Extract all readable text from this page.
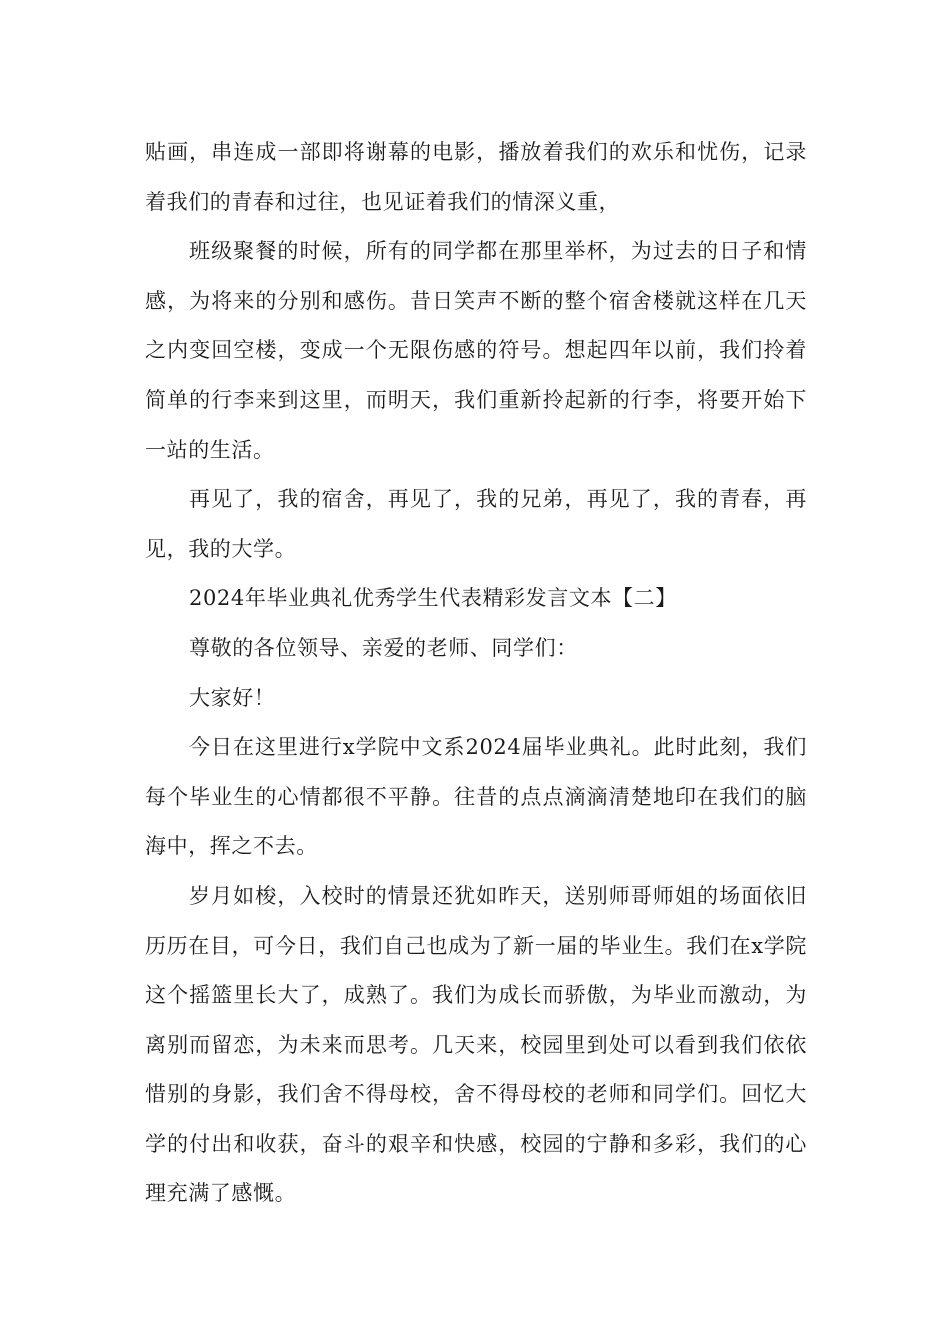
贴画，串连成一部即将谢幕的电影，播放着我们的欢乐和忧伤，记录着我们的青春和过往，也见证着我们的情深义重，

班级聚餐的时候，所有的同学都在那里举杯，为过去的日子和情感，为将来的分别和感伤。昔日笑声不断的整个宿舍楼就这样在几天之内变回空楼，变成一个无限伤感的符号。想起四年以前，我们拎着简单的行李来到这里，而明天，我们重新拎起新的行李，将要开始下一站的生活。

再见了，我的宿舍，再见了，我的兄弟，再见了，我的青春，再见，我的大学。

2024年毕业典礼优秀学生代表精彩发言文本【二】

尊敬的各位领导、亲爱的老师、同学们：

大家好！

今日在这里进行x学院中文系2024届毕业典礼。此时此刻，我们每个毕业生的心情都很不平静。往昔的点点滴滴清楚地印在我们的脑海中，挥之不去。

岁月如梭，入校时的情景还犹如昨天，送别师哥师姐的场面依旧历历在目，可今日，我们自己也成为了新一届的毕业生。我们在x学院这个摇篮里长大了，成熟了。我们为成长而骄傲，为毕业而激动，为离别而留恋，为未来而思考。几天来，校园里到处可以看到我们依依惜别的身影，我们舍不得母校，舍不得母校的老师和同学们。回忆大学的付出和收获，奋斗的艰辛和快感，校园的宁静和多彩，我们的心理充满了感慨。
